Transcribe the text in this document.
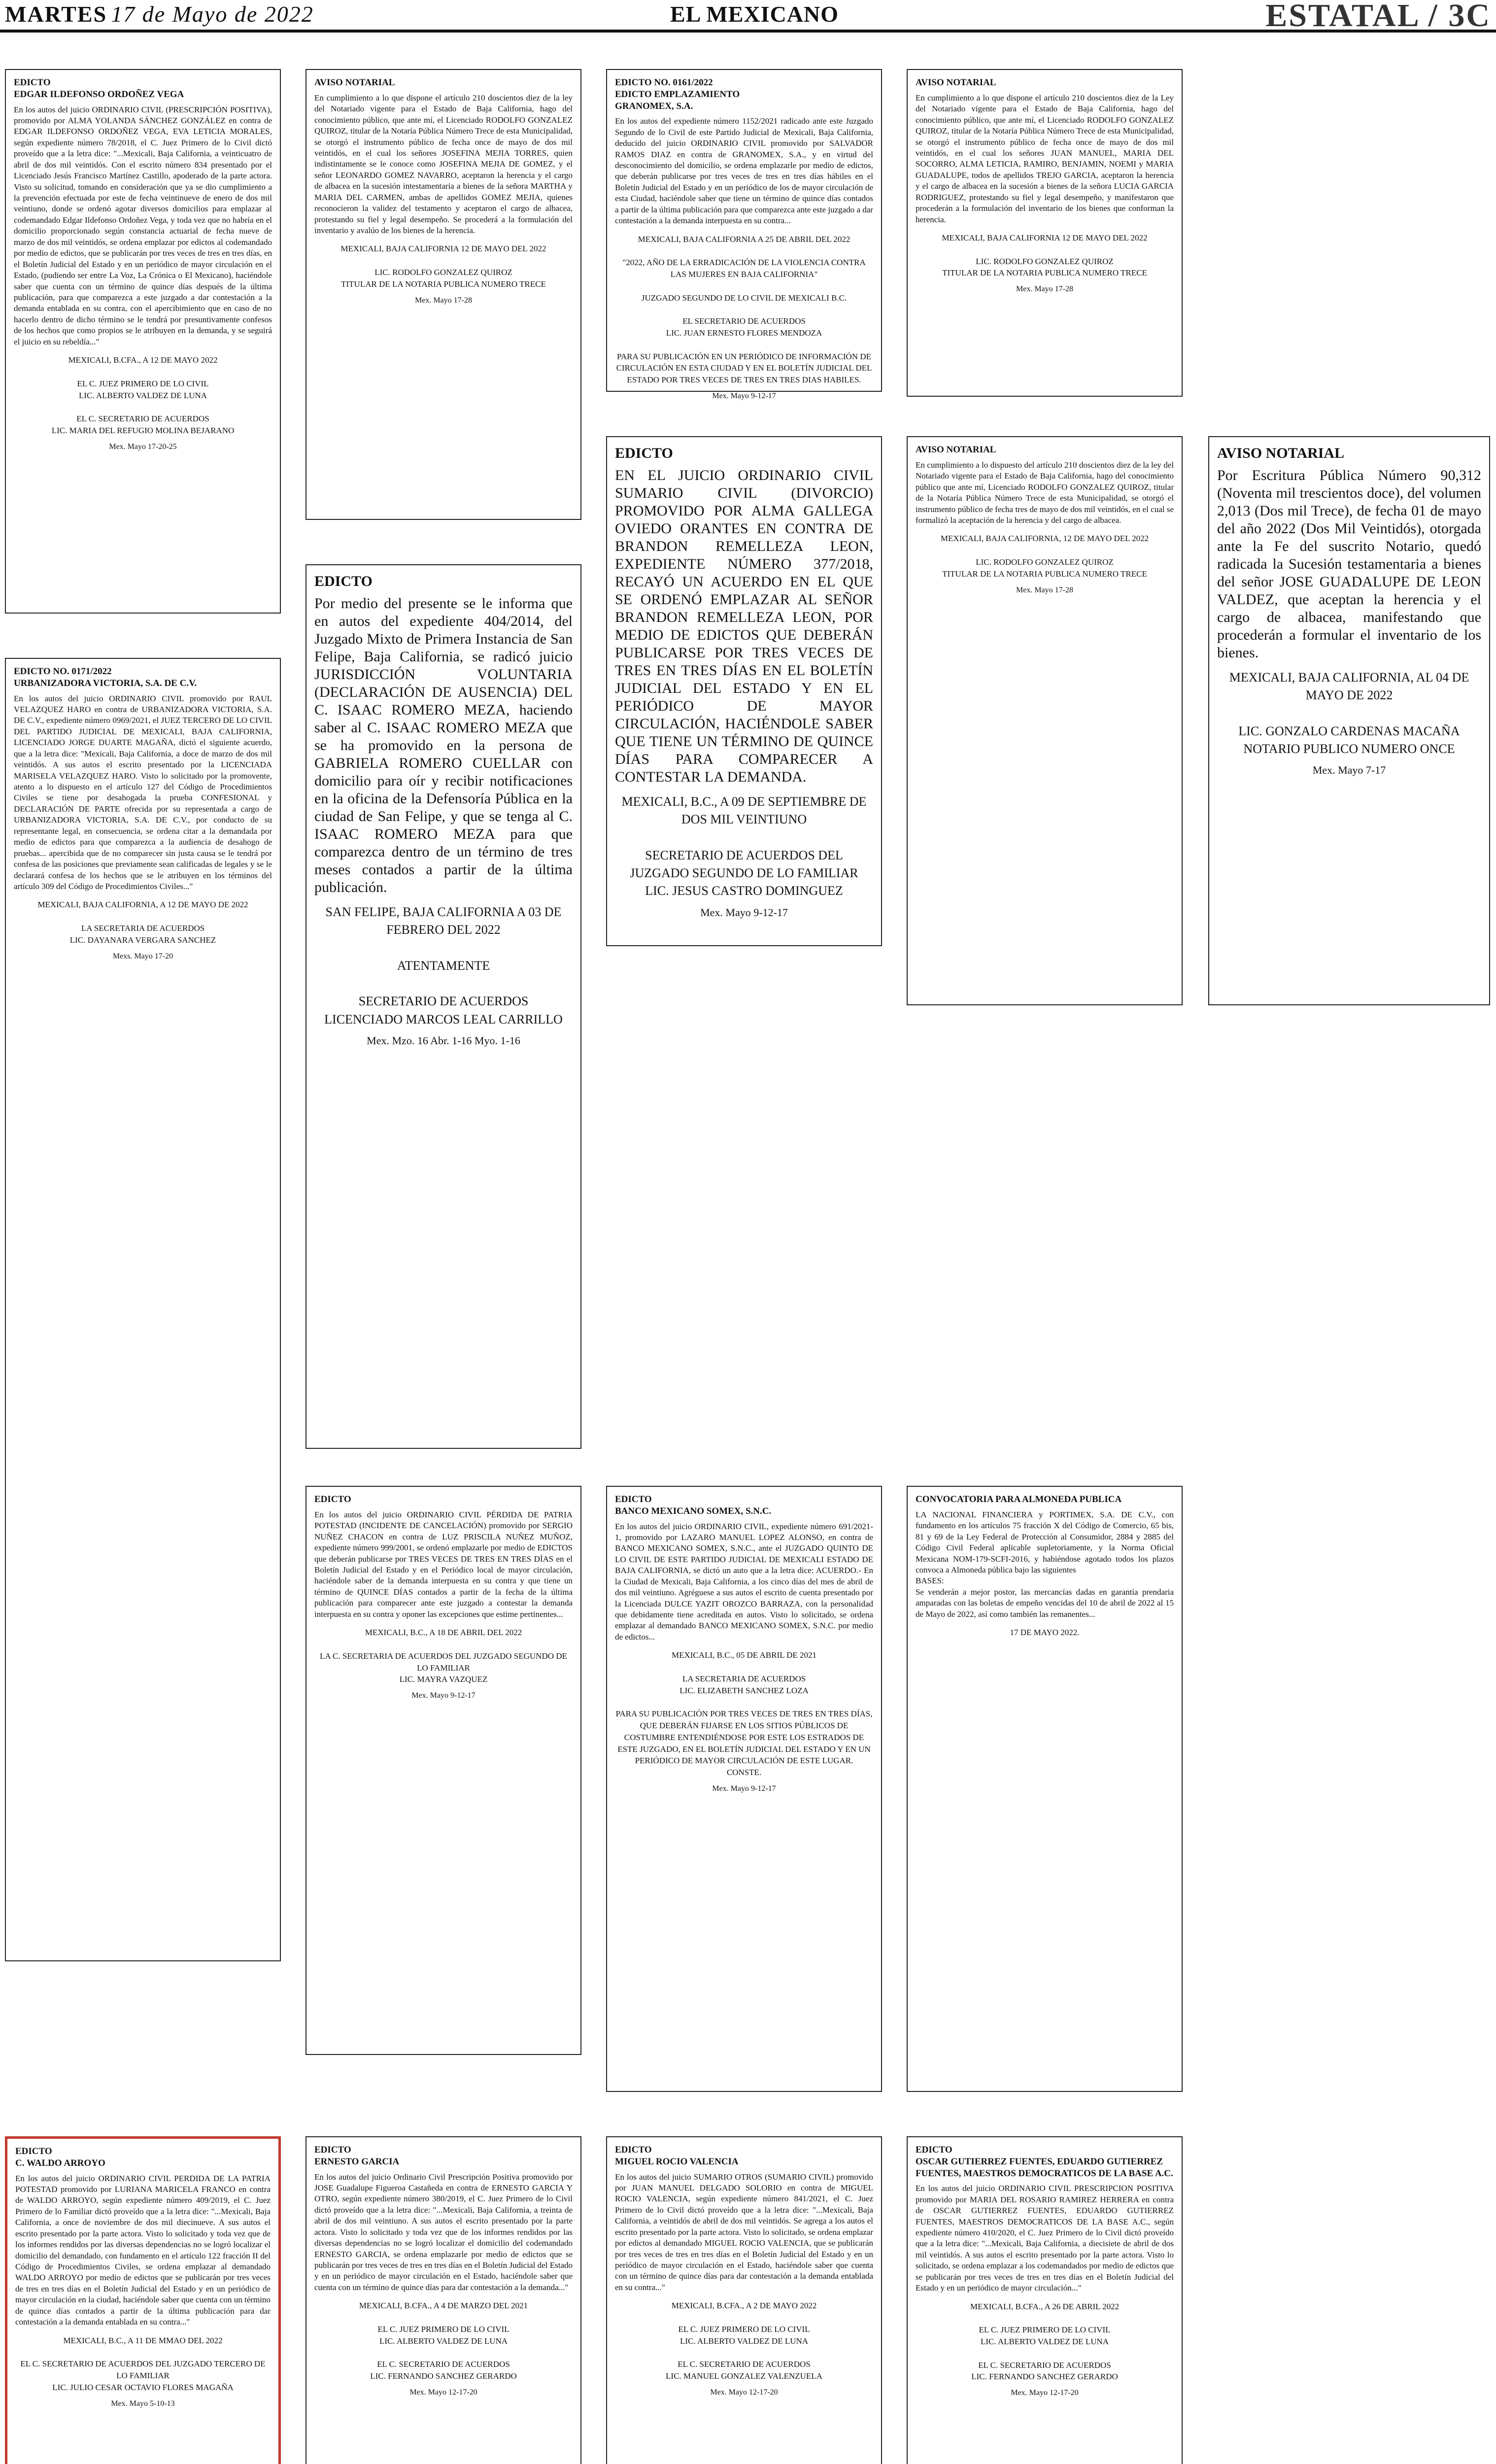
MARTES 17 de Mayo de 2022	EL MEXICANO	ESTATAL / 3C
EDICTO
EDGAR ILDEFONSO ORDOÑEZ VEGA
En los autos del juicio ORDINARIO CIVIL (PRESCRIPCIÓN POSITIVA), promovido por ALMA YOLANDA SÁNCHEZ GONZÁLEZ en contra de EDGAR ILDEFONSO ORDOÑEZ VEGA, EVA LETICIA MORALES, según expediente número 78/2018, el C. Juez Primero de lo Civil dictó proveído que a la letra dice: "...Mexicali, Baja California, a veinticuatro de abril de dos mil veintidós. Con el escrito número 834 presentado por el Licenciado Jesús Francisco Martínez Castillo, apoderado de la parte actora. Visto su solicitud, tomando en consideración que ya se dio cumplimiento a la prevención efectuada por este de fecha veintinueve de enero de dos mil veintiuno, donde se ordenó agotar diversos domicilios para emplazar al codemandado Edgar Ildefonso Ordoñez Vega, y toda vez que no habría en el domicilio proporcionado según constancia actuarial de fecha nueve de marzo de dos mil veintidós, se ordena emplazar por edictos al codemandado por medio de edictos, que se publicarán por tres veces de tres en tres días, en el Boletín Judicial del Estado y en un periódico de mayor circulación en el Estado, (pudiendo ser entre La Voz, La Crónica o El Mexicano), haciéndole saber que cuenta con un término de quince días después de la última publicación, para que comparezca a este juzgado a dar contestación a la demanda entablada en su contra, con el apercibimiento que en caso de no hacerlo dentro de dicho término se le tendrá por presuntivamente confesos de los hechos que como propios se le atribuyen en la demanda, y se seguirá el juicio en su rebeldía..."
MEXICALI, B.CFA., A 12 DE MAYO 2022

EL C. JUEZ PRIMERO DE LO CIVIL
LIC. ALBERTO VALDEZ DE LUNA

EL C. SECRETARIO DE ACUERDOS
LIC. MARIA DEL REFUGIO MOLINA BEJARANO
Mex. Mayo 17-20-25
EDICTO NO. 0171/2022
URBANIZADORA VICTORIA, S.A. DE C.V.
En los autos del juicio ORDINARIO CIVIL promovido por RAUL VELAZQUEZ HARO en contra de URBANIZADORA VICTORIA, S.A. DE C.V., expediente número 0969/2021, el JUEZ TERCERO DE LO CIVIL DEL PARTIDO JUDICIAL DE MEXICALI, BAJA CALIFORNIA, LICENCIADO JORGE DUARTE MAGAÑA, dictó el siguiente acuerdo, que a la letra dice: "Mexicali, Baja California, a doce de marzo de dos mil veintidós. A sus autos el escrito presentado por la LICENCIADA MARISELA VELAZQUEZ HARO. Visto lo solicitado por la promovente, atento a lo dispuesto en el artículo 127 del Código de Procedimientos Civiles se tiene por desahogada la prueba CONFESIONAL y DECLARACIÓN DE PARTE ofrecida por su representada a cargo de URBANIZADORA VICTORIA, S.A. DE C.V., por conducto de su representante legal, en consecuencia, se ordena citar a la demandada por medio de edictos para que comparezca a la audiencia de desahogo de pruebas... apercibida que de no comparecer sin justa causa se le tendrá por confesa de las posiciones que previamente sean calificadas de legales y se le declarará confesa de los hechos que se le atribuyen en los términos del artículo 309 del Código de Procedimientos Civiles..."
MEXICALI, BAJA CALIFORNIA, A 12 DE MAYO DE 2022

LA SECRETARIA DE ACUERDOS
LIC. DAYANARA VERGARA SANCHEZ
Mexs. Mayo 17-20
EDICTO
C. WALDO ARROYO
En los autos del juicio ORDINARIO CIVIL PERDIDA DE LA PATRIA POTESTAD promovido por LURIANA MARICELA FRANCO en contra de WALDO ARROYO, según expediente número 409/2019, el C. Juez Primero de lo Familiar dictó proveído que a la letra dice: "...Mexicali, Baja California, a once de noviembre de dos mil diecinueve. A sus autos el escrito presentado por la parte actora. Visto lo solicitado y toda vez que de los informes rendidos por las diversas dependencias no se logró localizar el domicilio del demandado, con fundamento en el artículo 122 fracción II del Código de Procedimientos Civiles, se ordena emplazar al demandado WALDO ARROYO por medio de edictos que se publicarán por tres veces de tres en tres días en el Boletín Judicial del Estado y en un periódico de mayor circulación en la ciudad, haciéndole saber que cuenta con un término de quince días contados a partir de la última publicación para dar contestación a la demanda entablada en su contra..."
MEXICALI, B.C., A 11 DE MMAO DEL 2022

EL C. SECRETARIO DE ACUERDOS DEL JUZGADO TERCERO DE LO FAMILIAR
LIC. JULIO CESAR OCTAVIO FLORES MAGAÑA
Mex. Mayo 5-10-13
AVISO NOTARIAL
En cumplimiento a lo que dispone el artículo 210 doscientos diez de la ley del Notariado vigente para el Estado de Baja California, hago del conocimiento público, que ante mí, el Licenciado RODOLFO GONZALEZ QUIROZ, titular de la Notaría Pública Número Trece de esta Municipalidad, se otorgó el instrumento público de fecha once de mayo de dos mil veintidós, en el cual los señores JOSEFINA MEJIA TORRES, quien indistintamente se le conoce como JOSEFINA MEJIA DE GOMEZ, y el señor LEONARDO GOMEZ NAVARRO, aceptaron la herencia y el cargo de albacea en la sucesión intestamentaria a bienes de la señora MARTHA y MARIA DEL CARMEN, ambas de apellidos GOMEZ MEJIA, quienes reconocieron la validez del testamento y aceptaron el cargo de albacea, protestando su fiel y legal desempeño. Se procederá a la formulación del inventario y avalúo de los bienes de la herencia.
MEXICALI, BAJA CALIFORNIA 12 DE MAYO DEL 2022

LIC. RODOLFO GONZALEZ QUIROZ
TITULAR DE LA NOTARIA PUBLICA NUMERO TRECE
Mex. Mayo 17-28
EDICTO
Por medio del presente se le informa que en autos del expediente 404/2014, del Juzgado Mixto de Primera Instancia de San Felipe, Baja California, se radicó juicio JURISDICCIÓN VOLUNTARIA (DECLARACIÓN DE AUSENCIA) DEL C. ISAAC ROMERO MEZA, haciendo saber al C. ISAAC ROMERO MEZA que se ha promovido en la persona de GABRIELA ROMERO CUELLAR con domicilio para oír y recibir notificaciones en la oficina de la Defensoría Pública en la ciudad de San Felipe, y que se tenga al C. ISAAC ROMERO MEZA para que comparezca dentro de un término de tres meses contados a partir de la última publicación.
SAN FELIPE, BAJA CALIFORNIA A 03 DE FEBRERO DEL 2022

ATENTAMENTE

SECRETARIO DE ACUERDOS
LICENCIADO MARCOS LEAL CARRILLO
Mex. Mzo. 16 Abr. 1-16 Myo. 1-16
EDICTO
En los autos del juicio ORDINARIO CIVIL PÉRDIDA DE PATRIA POTESTAD (INCIDENTE DE CANCELACIÓN) promovido por SERGIO NUÑEZ CHACON en contra de LUZ PRISCILA NUÑEZ MUÑOZ, expediente número 999/2001, se ordenó emplazarle por medio de EDICTOS que deberán publicarse por TRES VECES DE TRES EN TRES DÍAS en el Boletín Judicial del Estado y en el Periódico local de mayor circulación, haciéndole saber de la demanda interpuesta en su contra y que tiene un término de QUINCE DÍAS contados a partir de la fecha de la última publicación para comparecer ante este juzgado a contestar la demanda interpuesta en su contra y oponer las excepciones que estime pertinentes...
MEXICALI, B.C., A 18 DE ABRIL DEL 2022

LA C. SECRETARIA DE ACUERDOS DEL JUZGADO SEGUNDO DE LO FAMILIAR
LIC. MAYRA VAZQUEZ
Mex. Mayo 9-12-17
EDICTO
ERNESTO GARCIA
En los autos del juicio Ordinario Civil Prescripción Positiva promovido por JOSE Guadalupe Figueroa Castañeda en contra de ERNESTO GARCIA Y OTRO, según expediente número 380/2019, el C. Juez Primero de lo Civil dictó proveído que a la letra dice: "...Mexicali, Baja California, a treinta de abril de dos mil veintiuno. A sus autos el escrito presentado por la parte actora. Visto lo solicitado y toda vez que de los informes rendidos por las diversas dependencias no se logró localizar el domicilio del codemandado ERNESTO GARCIA, se ordena emplazarle por medio de edictos que se publicarán por tres veces de tres en tres días en el Boletín Judicial del Estado y en un periódico de mayor circulación en el Estado, haciéndole saber que cuenta con un término de quince días para dar contestación a la demanda..."
MEXICALI, B.CFA., A 4 DE MARZO DEL 2021

EL C. JUEZ PRIMERO DE LO CIVIL
LIC. ALBERTO VALDEZ DE LUNA

EL C. SECRETARIO DE ACUERDOS
LIC. FERNANDO SANCHEZ GERARDO
Mex. Mayo 12-17-20
EDICTO NO. 0161/2022
EDICTO EMPLAZAMIENTO
GRANOMEX, S.A.
En los autos del expediente número 1152/2021 radicado ante este Juzgado Segundo de lo Civil de este Partido Judicial de Mexicali, Baja California, deducido del juicio ORDINARIO CIVIL promovido por SALVADOR RAMOS DIAZ en contra de GRANOMEX, S.A., y en virtud del desconocimiento del domicilio, se ordena emplazarle por medio de edictos, que deberán publicarse por tres veces de tres en tres días hábiles en el Boletín Judicial del Estado y en un periódico de los de mayor circulación de esta Ciudad, haciéndole saber que tiene un término de quince días contados a partir de la última publicación para que comparezca ante este juzgado a dar contestación a la demanda interpuesta en su contra...
MEXICALI, BAJA CALIFORNIA A 25 DE ABRIL DEL 2022

"2022, AÑO DE LA ERRADICACIÓN DE LA VIOLENCIA CONTRA LAS MUJERES EN BAJA CALIFORNIA"

JUZGADO SEGUNDO DE LO CIVIL DE MEXICALI B.C.

EL SECRETARIO DE ACUERDOS
LIC. JUAN ERNESTO FLORES MENDOZA

PARA SU PUBLICACIÓN EN UN PERIÓDICO DE INFORMACIÓN DE CIRCULACIÓN EN ESTA CIUDAD Y EN EL BOLETÍN JUDICIAL DEL ESTADO POR TRES VECES DE TRES EN TRES DIAS HABILES.
Mex. Mayo 9-12-17
EDICTO
EN EL JUICIO ORDINARIO CIVIL SUMARIO CIVIL (DIVORCIO) PROMOVIDO POR ALMA GALLEGA OVIEDO ORANTES EN CONTRA DE BRANDON REMELLEZA LEON, EXPEDIENTE NÚMERO 377/2018, RECAYÓ UN ACUERDO EN EL QUE SE ORDENÓ EMPLAZAR AL SEÑOR BRANDON REMELLEZA LEON, POR MEDIO DE EDICTOS QUE DEBERÁN PUBLICARSE POR TRES VECES DE TRES EN TRES DÍAS EN EL BOLETÍN JUDICIAL DEL ESTADO Y EN EL PERIÓDICO DE MAYOR CIRCULACIÓN, HACIÉNDOLE SABER QUE TIENE UN TÉRMINO DE QUINCE DÍAS PARA COMPARECER A CONTESTAR LA DEMANDA.
MEXICALI, B.C., A 09 DE SEPTIEMBRE DE DOS MIL VEINTIUNO

SECRETARIO DE ACUERDOS DEL JUZGADO SEGUNDO DE LO FAMILIAR
LIC. JESUS CASTRO DOMINGUEZ
Mex. Mayo 9-12-17
EDICTO
BANCO MEXICANO SOMEX, S.N.C.
En los autos del juicio ORDINARIO CIVIL, expediente número 691/2021-1, promovido por LAZARO MANUEL LOPEZ ALONSO, en contra de BANCO MEXICANO SOMEX, S.N.C., ante el JUZGADO QUINTO DE LO CIVIL DE ESTE PARTIDO JUDICIAL DE MEXICALI ESTADO DE BAJA CALIFORNIA, se dictó un auto que a la letra dice: ACUERDO.- En la Ciudad de Mexicali, Baja California, a los cinco días del mes de abril de dos mil veintiuno. Agréguese a sus autos el escrito de cuenta presentado por la Licenciada DULCE YAZIT OROZCO BARRAZA, con la personalidad que debidamente tiene acreditada en autos. Visto lo solicitado, se ordena emplazar al demandado BANCO MEXICANO SOMEX, S.N.C. por medio de edictos...
MEXICALI, B.C., 05 DE ABRIL DE 2021

LA SECRETARIA DE ACUERDOS
LIC. ELIZABETH SANCHEZ LOZA

PARA SU PUBLICACIÓN POR TRES VECES DE TRES EN TRES DÍAS, QUE DEBERÁN FIJARSE EN LOS SITIOS PÚBLICOS DE COSTUMBRE ENTENDIÉNDOSE POR ESTE LOS ESTRADOS DE ESTE JUZGADO, EN EL BOLETÍN JUDICIAL DEL ESTADO Y EN UN PERIÓDICO DE MAYOR CIRCULACIÓN DE ESTE LUGAR.
CONSTE.
Mex. Mayo 9-12-17
EDICTO
MIGUEL ROCIO VALENCIA
En los autos del juicio SUMARIO OTROS (SUMARIO CIVIL) promovido por JUAN MANUEL DELGADO SOLORIO en contra de MIGUEL ROCIO VALENCIA, según expediente número 841/2021, el C. Juez Primero de lo Civil dictó proveído que a la letra dice: "...Mexicali, Baja California, a veintidós de abril de dos mil veintidós. Se agrega a los autos el escrito presentado por la parte actora. Visto lo solicitado, se ordena emplazar por edictos al demandado MIGUEL ROCIO VALENCIA, que se publicarán por tres veces de tres en tres días en el Boletín Judicial del Estado y en un periódico de mayor circulación en el Estado, haciéndole saber que cuenta con un término de quince días para dar contestación a la demanda entablada en su contra..."
MEXICALI, B.CFA., A 2 DE MAYO 2022

EL C. JUEZ PRIMERO DE LO CIVIL
LIC. ALBERTO VALDEZ DE LUNA

EL C. SECRETARIO DE ACUERDOS
LIC. MANUEL GONZALEZ VALENZUELA
Mex. Mayo 12-17-20
AVISO NOTARIAL
En cumplimiento a lo que dispone el artículo 210 doscientos diez de la Ley del Notariado vigente para el Estado de Baja California, hago del conocimiento público, que ante mí, el Licenciado RODOLFO GONZALEZ QUIROZ, titular de la Notaría Pública Número Trece de esta Municipalidad, se otorgó el instrumento público de fecha once de mayo de dos mil veintidós, en el cual los señores JUAN MANUEL, MARIA DEL SOCORRO, ALMA LETICIA, RAMIRO, BENJAMIN, NOEMI y MARIA GUADALUPE, todos de apellidos TREJO GARCIA, aceptaron la herencia y el cargo de albacea en la sucesión a bienes de la señora LUCIA GARCIA RODRIGUEZ, protestando su fiel y legal desempeño, y manifestaron que procederán a la formulación del inventario de los bienes que conforman la herencia.
MEXICALI, BAJA CALIFORNIA 12 DE MAYO DEL 2022

LIC. RODOLFO GONZALEZ QUIROZ
TITULAR DE LA NOTARIA PUBLICA NUMERO TRECE
Mex. Mayo 17-28
AVISO NOTARIAL
En cumplimiento a lo dispuesto del artículo 210 doscientos diez de la ley del Notariado vigente para el Estado de Baja California, hago del conocimiento público que ante mí, Licenciado RODOLFO GONZALEZ QUIROZ, titular de la Notaría Pública Número Trece de esta Municipalidad, se otorgó el instrumento público de fecha tres de mayo de dos mil veintidós, en el cual se formalizó la aceptación de la herencia y del cargo de albacea.
MEXICALI, BAJA CALIFORNIA, 12 DE MAYO DEL 2022

LIC. RODOLFO GONZALEZ QUIROZ
TITULAR DE LA NOTARIA PUBLICA NUMERO TRECE
Mex. Mayo 17-28
CONVOCATORIA PARA ALMONEDA PUBLICA
LA NACIONAL FINANCIERA y PORTIMEX, S.A. DE C.V., con fundamento en los artículos 75 fracción X del Código de Comercio, 65 bis, 81 y 69 de la Ley Federal de Protección al Consumidor, 2884 y 2885 del Código Civil Federal aplicable supletoriamente, y la Norma Oficial Mexicana NOM-179-SCFI-2016, y habiéndose agotado todos los plazos convoca a Almoneda pública bajo las siguientes
BASES:
Se venderán a mejor postor, las mercancías dadas en garantía prendaria amparadas con las boletas de empeño vencidas del 10 de abril de 2022 al 15 de Mayo de 2022, así como también las remanentes...
17 DE MAYO 2022.
EDICTO
OSCAR GUTIERREZ FUENTES, EDUARDO GUTIERREZ FUENTES, MAESTROS DEMOCRATICOS DE LA BASE A.C.
En los autos del juicio ORDINARIO CIVIL PRESCRIPCION POSITIVA promovido por MARIA DEL ROSARIO RAMIREZ HERRERA en contra de OSCAR GUTIERREZ FUENTES, EDUARDO GUTIERREZ FUENTES, MAESTROS DEMOCRATICOS DE LA BASE A.C., según expediente número 410/2020, el C. Juez Primero de lo Civil dictó proveído que a la letra dice: "...Mexicali, Baja California, a diecisiete de abril de dos mil veintidós. A sus autos el escrito presentado por la parte actora. Visto lo solicitado, se ordena emplazar a los codemandados por medio de edictos que se publicarán por tres veces de tres en tres días en el Boletín Judicial del Estado y en un periódico de mayor circulación..."
MEXICALI, B.CFA., A 26 DE ABRIL 2022

EL C. JUEZ PRIMERO DE LO CIVIL
LIC. ALBERTO VALDEZ DE LUNA

EL C. SECRETARIO DE ACUERDOS
LIC. FERNANDO SANCHEZ GERARDO
Mex. Mayo 12-17-20
AVISO NOTARIAL
Por Escritura Pública Número 90,312 (Noventa mil trescientos doce), del volumen 2,013 (Dos mil Trece), de fecha 01 de mayo del año 2022 (Dos Mil Veintidós), otorgada ante la Fe del suscrito Notario, quedó radicada la Sucesión testamentaria a bienes del señor JOSE GUADALUPE DE LEON VALDEZ, que aceptan la herencia y el cargo de albacea, manifestando que procederán a formular el inventario de los bienes.
MEXICALI, BAJA CALIFORNIA, AL 04 DE MAYO DE 2022

LIC. GONZALO CARDENAS MACAÑA
NOTARIO PUBLICO NUMERO ONCE
Mex. Mayo 7-17
